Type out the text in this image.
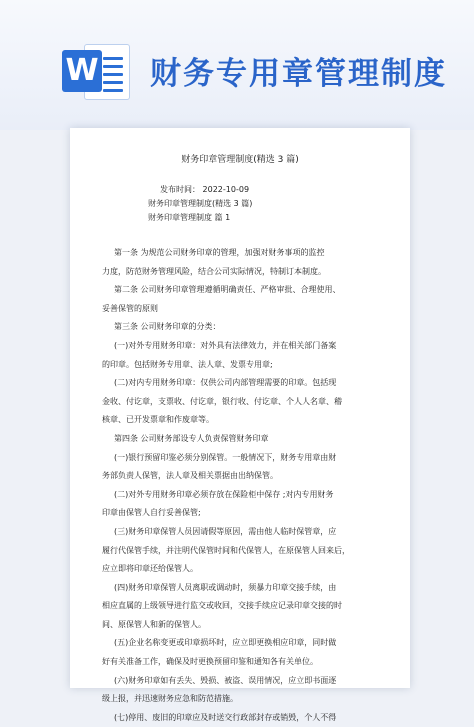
W 财务专用章管理制度
财务印章管理制度(精选 3 篇)
发布时间： 2022-10-09
财务印章管理制度(精选 3 篇)
财务印章管理制度 篇 1
第一条 为规范公司财务印章的管理，加强对财务事项的监控
力度，防范财务管理风险，结合公司实际情况，特制订本制度。
第二条 公司财务印章管理遵循明确责任、严格审批、合理使用、
妥善保管的原则
第三条 公司财务印章的分类：
(一)对外专用财务印章：对外具有法律效力，并在相关部门备案
的印章。包括财务专用章、法人章、发票专用章;
(二)对内专用财务印章：仅供公司内部管理需要的印章。包括现
金收、付讫章，支票收、付讫章，银行收、付讫章、个人人名章、稽
核章、已开发票章和作废章等。
第四条 公司财务部设专人负责保管财务印章
(一)银行预留印鉴必须分别保管。一般情况下，财务专用章由财
务部负责人保管，法人章及相关票据由出纳保管。
(二)对外专用财务印章必须存放在保险柜中保存 ;对内专用财务
印章由保管人自行妥善保管;
(三)财务印章保管人员因请假等原因，需由他人临时保管章，应
履行代保管手续，并注明代保管时间和代保管人，在原保管人回来后，
应立即将印章还给保管人。
(四)财务印章保管人员离职或调动时，须暴力印章交接手续，由
相应直属的上级领导进行监交或收回，交接手续应记录印章交接的时
间、原保管人和新的保管人。
(五)企业名称变更或印章损坏时，应立即更换相应印章，同时做
好有关准备工作，确保及时更换预留印鉴和通知各有关单位。
(六)财务印章如有丢失、毁损、被盗、误用情况，应立即书面逐
级上报，并迅速财务应急和防范措施。
(七)停用、废旧的印章应及时送交行政部封存或销毁，个人不得
